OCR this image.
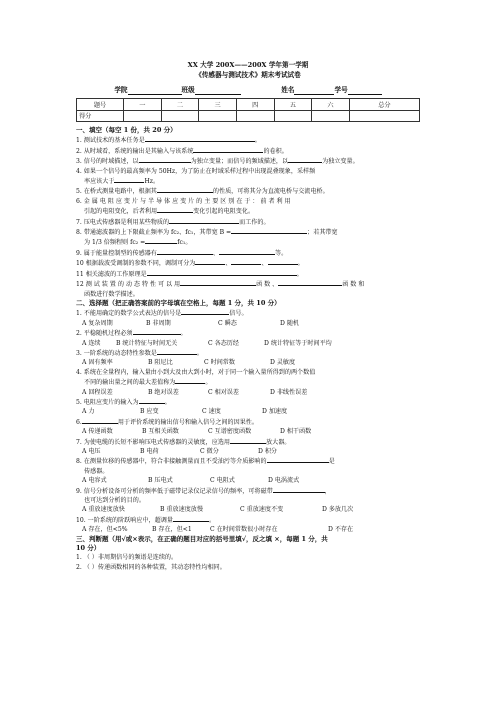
XX 大学 200X——200X 学年第一学期
《传感器与测试技术》期末考试试卷
学院	班级	姓名	学号
题号	一	二	三	四	五	六	总分
得分							
一、填空（每空 1 份，共 20 分）
1. 测试技术的基本任务是	。
2. 从时域看，系统的输出是其输入与该系统	的卷积。
3. 信号的时域描述，以	为独立变量；而信号的频域描述，以	为独立变量。
4. 如果一个信号的最高频率为 50Hz，为了防止在时域采样过程中出现混叠现象，采样频
率应该大于	Hz。
5. 在桥式测量电路中，根据其	的性质，可将其分为直流电桥与交流电桥。
6. 金 属 电 阻 应 变 片 与 半 导 体 应 变 片 的 主 要 区 别 在 于 ： 前 者 利 用
引起的电阻变化，后者利用	变化引起的电阻变化。
7. 压电式传感器是利用某些物质的	而工作的。
8. 带通滤波器的上下限截止频率为 fc₂、fc₁，其带宽 B =	；若其带宽
为 1/3 倍频程则 fc₂ =	fc₁。
9. 属于能量控制型的传感器有	、	等。
10 根据载波受调制的参数不同，调制可分为	、	、	。
11 相关滤波的工作原理是	。
12 测 试 装 置 的 动 态 特 性 可 以 用	函 数 、	函 数 和
函数进行数学描述。
二、选择题（把正确答案前的字母填在空格上，每题 1 分，共 10 分）
1. 不能用确定的数学公式表达的信号是	信号。
A 复杂周期	B 非周期	C 瞬态	D 随机
2. 平稳随机过程必须	。
A 连续	B 统计特征与时间无关	C 各态历经	D 统计特征等于时间平均
3. 一阶系统的动态特性参数是	。
A 固有频率	B 阻尼比	C 时间常数	D 灵敏度
4. 系统在全量程内，输入量由小到大及由大到小时，对于同一个输入量所得到的两个数值
不同的输出量之间的最大差值称为	。
A 回程误差	B 绝对误差	C 相对误差	D 非线性误差
5. 电阻应变片的输入为	。
A 力	B 应变	C 速度	D 加速度
6.	用于评价系统的输出信号和输入信号之间的因果性。
A 传递函数	B 互相关函数	C 互谱密度函数	D 相干函数
7. 为使电缆的长短不影响压电式传感器的灵敏度，应选用	放大器。
A 电压	B 电荷	C 微分	D 积分
8. 在测量位移的传感器中，符合非接触测量而且不受油污等介质影响的	是
传感器。
A 电容式	B 压电式	C 电阻式	D 电涡流式
9. 信号分析设备可分析的频率低于磁带记录仪记录信号的频率，可将磁带	，
也可达到分析的目的。
A 重放速度放快	B 重放速度放慢	C 重放速度不变	D 多放几次
10. 一阶系统的阶跃响应中，超调量	。
A 存在，但<5%	B 存在，但<1	C 在时间常数很小时存在	D 不存在
三、判断题（用√或×表示，在正确的题目对应的括号里填√，反之填 ×，每题 1 分，共
10 分）
1. （ ）非周期信号的频谱是连续的。
2. （ ）传递函数相同的各种装置，其动态特性均相同。
